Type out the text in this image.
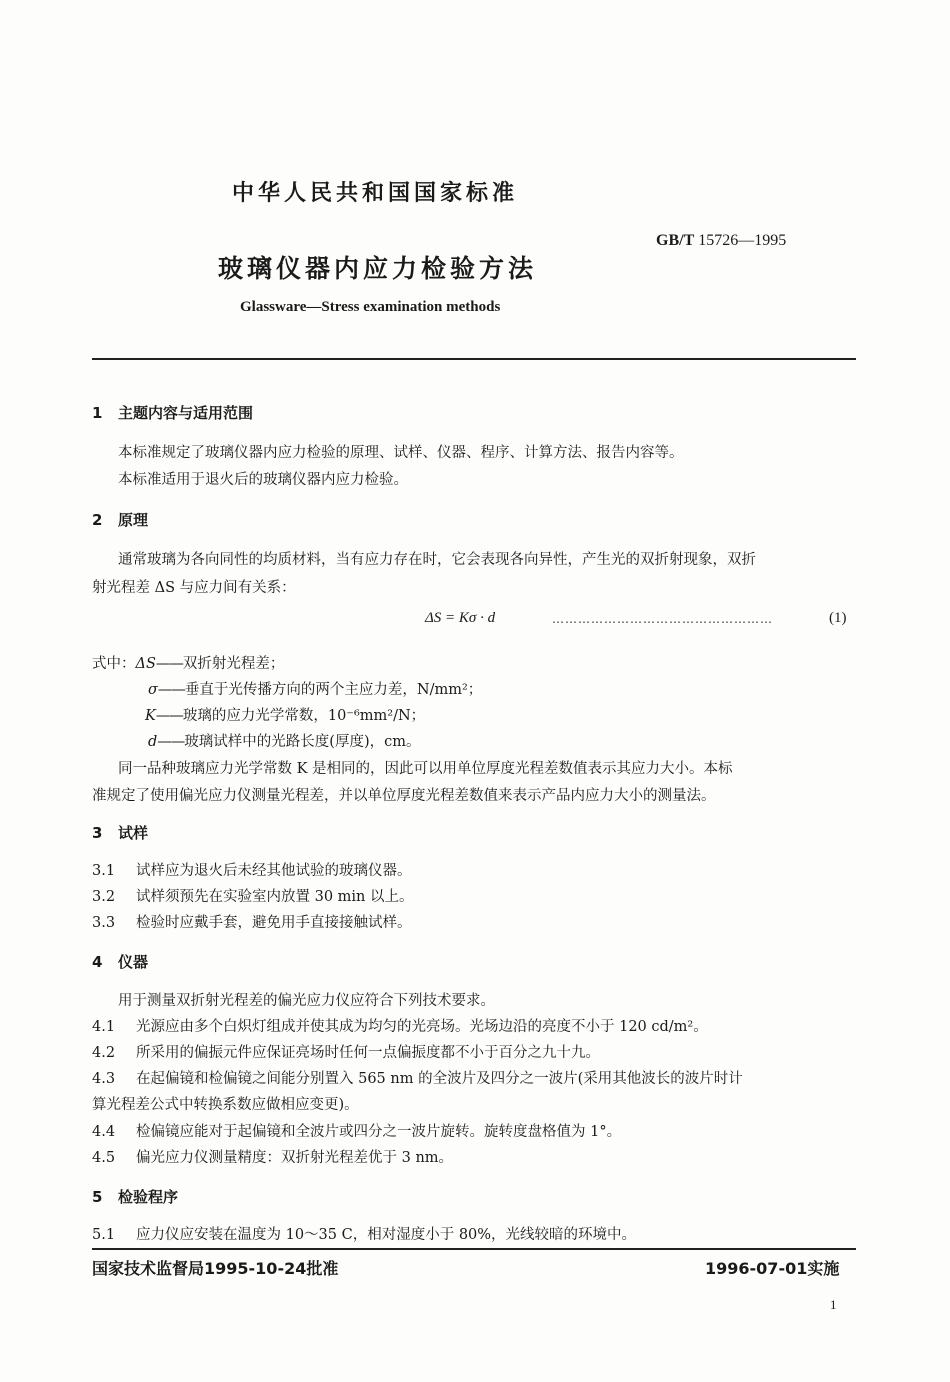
中华人民共和国国家标准
GB/T 15726—1995
玻璃仪器内应力检验方法
Glassware—Stress examination methods
1 主题内容与适用范围
本标准规定了玻璃仪器内应力检验的原理、试样、仪器、程序、计算方法、报告内容等。
本标准适用于退火后的玻璃仪器内应力检验。
2 原理
通常玻璃为各向同性的均质材料，当有应力存在时，它会表现各向异性，产生光的双折射现象，双折
射光程差 ΔS 与应力间有关系：
ΔS = Kσ · d	……………………………………………	(1)
式中：ΔS——双折射光程差；
σ——垂直于光传播方向的两个主应力差，N/mm²；
K——玻璃的应力光学常数，10⁻⁶mm²/N；
d——玻璃试样中的光路长度(厚度)，cm。
同一品种玻璃应力光学常数 K 是相同的，因此可以用单位厚度光程差数值表示其应力大小。本标
准规定了使用偏光应力仪测量光程差，并以单位厚度光程差数值来表示产品内应力大小的测量法。
3 试样
3.1 试样应为退火后未经其他试验的玻璃仪器。
3.2 试样须预先在实验室内放置 30 min 以上。
3.3 检验时应戴手套，避免用手直接接触试样。
4 仪器
用于测量双折射光程差的偏光应力仪应符合下列技术要求。
4.1 光源应由多个白炽灯组成并使其成为均匀的光亮场。光场边沿的亮度不小于 120 cd/m²。
4.2 所采用的偏振元件应保证亮场时任何一点偏振度都不小于百分之九十九。
4.3 在起偏镜和检偏镜之间能分别置入 565 nm 的全波片及四分之一波片(采用其他波长的波片时计
算光程差公式中转换系数应做相应变更)。
4.4 检偏镜应能对于起偏镜和全波片或四分之一波片旋转。旋转度盘格值为 1°。
4.5 偏光应力仪测量精度：双折射光程差优于 3 nm。
5 检验程序
5.1 应力仪应安装在温度为 10～35 C，相对湿度小于 80%，光线较暗的环境中。
国家技术监督局1995-10-24批准	1996-07-01实施
1
